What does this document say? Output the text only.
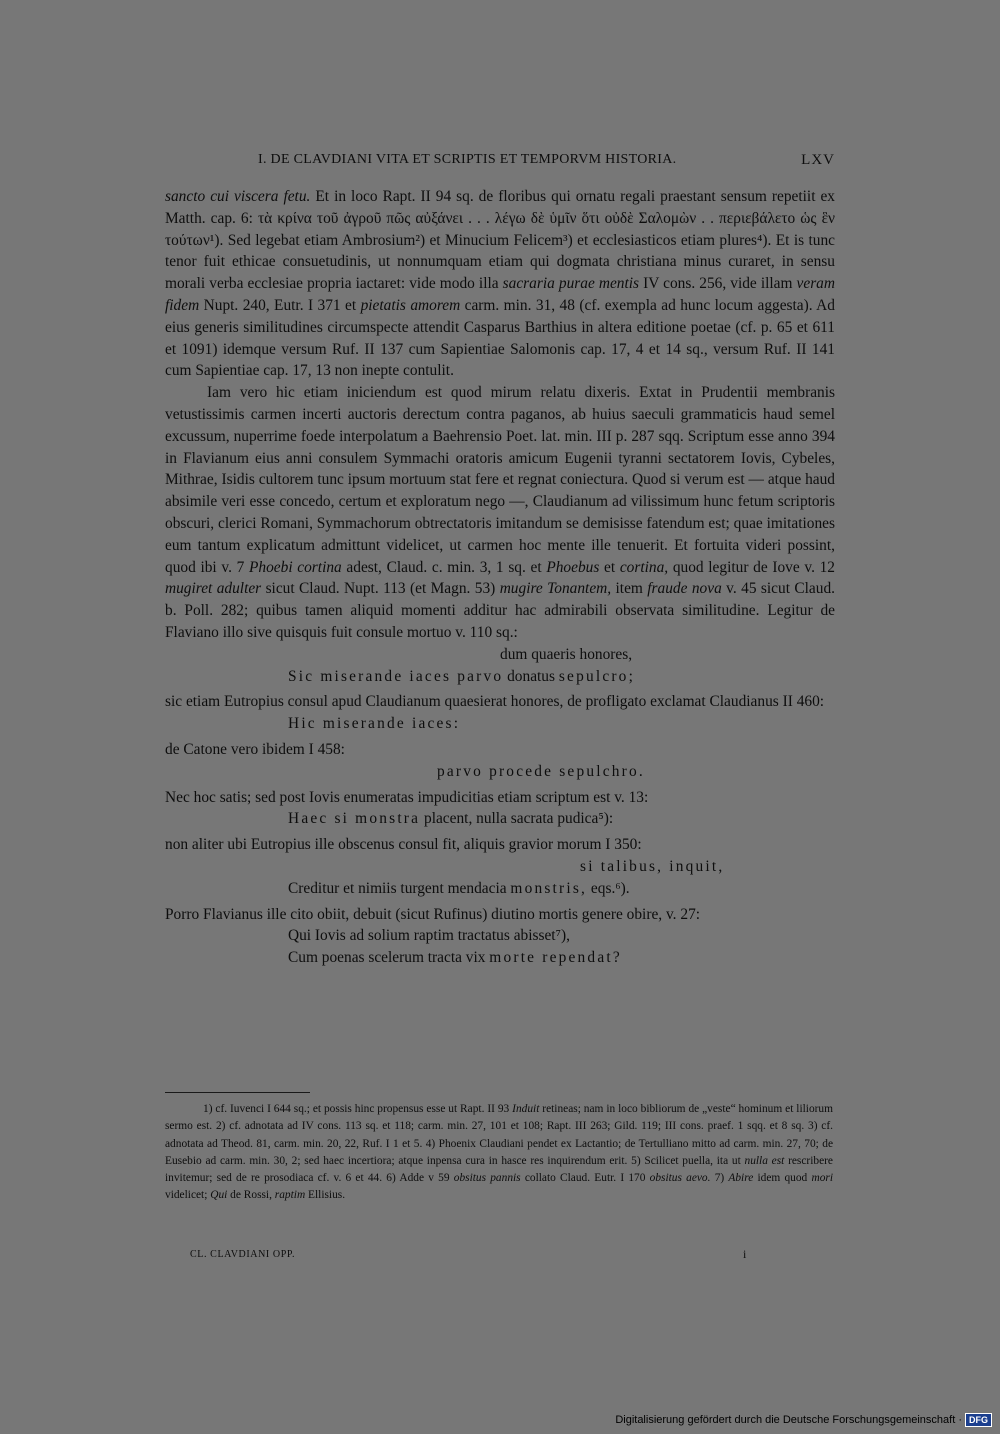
I. DE CLAVDIANI VITA ET SCRIPTIS ET TEMPORVM HISTORIA.	LXV

sancto cui viscera fetu. Et in loco Rapt. II 94 sq. de floribus qui ornatu regali praestant sensum repetiit ex Matth. cap. 6: τὰ κρίνα τοῦ ἀγροῦ πῶς αὐξάνει . . . λέγω δὲ ὑμῖν ὅτι οὐδὲ Σαλομὼν . . περιεβάλετο ὡς ἓν τούτων¹). Sed legebat etiam Ambrosium²) et Minucium Felicem³) et ecclesiasticos etiam plures⁴). Et is tunc tenor fuit ethicae consuetudinis, ut nonnumquam etiam qui dogmata christiana minus curaret, in sensu morali verba ecclesiae propria iactaret: vide modo illa sacraria purae mentis IV cons. 256, vide illam veram fidem Nupt. 240, Eutr. I 371 et pietatis amorem carm. min. 31, 48 (cf. exempla ad hunc locum aggesta). Ad eius generis similitudines circumspecte attendit Casparus Barthius in altera editione poetae (cf. p. 65 et 611 et 1091) idemque versum Ruf. II 137 cum Sapientiae Salomonis cap. 17, 4 et 14 sq., versum Ruf. II 141 cum Sapientiae cap. 17, 13 non inepte contulit.

Iam vero hic etiam iniciendum est quod mirum relatu dixeris. Extat in Prudentii membranis vetustissimis carmen incerti auctoris derectum contra paganos, ab huius saeculi grammaticis haud semel excussum, nuperrime foede interpolatum a Baehrensio Poet. lat. min. III p. 287 sqq. Scriptum esse anno 394 in Flavianum eius anni consulem Symmachi oratoris amicum Eugenii tyranni sectatorem Iovis, Cybeles, Mithrae, Isidis cultorem tunc ipsum mortuum stat fere et regnat coniectura. Quod si verum est — atque haud absimile veri esse concedo, certum et exploratum nego —, Claudianum ad vilissimum hunc fetum scriptoris obscuri, clerici Romani, Symmachorum obtrectatoris imitandum se demisisse fatendum est; quae imitationes eum tantum explicatum admittunt videlicet, ut carmen hoc mente ille tenuerit. Et fortuita videri possint, quod ibi v. 7 Phoebi cortina adest, Claud. c. min. 3, 1 sq. et Phoebus et cortina, quod legitur de Iove v. 12 mugiret adulter sicut Claud. Nupt. 113 (et Magn. 53) mugire Tonantem, item fraude nova v. 45 sicut Claud. b. Poll. 282; quibus tamen aliquid momenti additur hac admirabili observata similitudine. Legitur de Flaviano illo sive quisquis fuit consule mortuo v. 110 sq.:

dum quaeris honores,
Sic miserande iaces parvo donatus sepulcro;

sic etiam Eutropius consul apud Claudianum quaesierat honores, de profligato exclamat Claudianus II 460:

Hic miserande iaces:

de Catone vero ibidem I 458:

parvo procede sepulchro.

Nec hoc satis; sed post Iovis enumeratas impudicitias etiam scriptum est v. 13:

Haec si monstra placent, nulla sacrata pudica⁵):

non aliter ubi Eutropius ille obscenus consul fit, aliquis gravior morum I 350:

si talibus, inquit,
Creditur et nimiis turgent mendacia monstris, eqs.⁶).

Porro Flavianus ille cito obiit, debuit (sicut Rufinus) diutino mortis genere obire, v. 27:

Qui Iovis ad solium raptim tractatus abisset⁷),
Cum poenas scelerum tracta vix morte rependat?

1) cf. Iuvenci I 644 sq.; et possis hinc propensus esse ut Rapt. II 93 Induit retineas; nam in loco bibliorum de „veste“ hominum et liliorum sermo est. 2) cf. adnotata ad IV cons. 113 sq. et 118; carm. min. 27, 101 et 108; Rapt. III 263; Gild. 119; III cons. praef. 1 sqq. et 8 sq. 3) cf. adnotata ad Theod. 81, carm. min. 20, 22, Ruf. I 1 et 5. 4) Phoenix Claudiani pendet ex Lactantio; de Tertulliano mitto ad carm. min. 27, 70; de Eusebio ad carm. min. 30, 2; sed haec incertiora; atque inpensa cura in hasce res inquirendum erit. 5) Scilicet puella, ita ut nulla est rescribere invitemur; sed de re prosodiaca cf. v. 6 et 44. 6) Adde v 59 obsitus pannis collato Claud. Eutr. I 170 obsitus aevo. 7) Abire idem quod mori videlicet; Qui de Rossi, raptim Ellisius.

CL. CLAVDIANI OPP.	i
Digitalisierung gefördert durch die Deutsche Forschungsgemeinschaft · DFG
